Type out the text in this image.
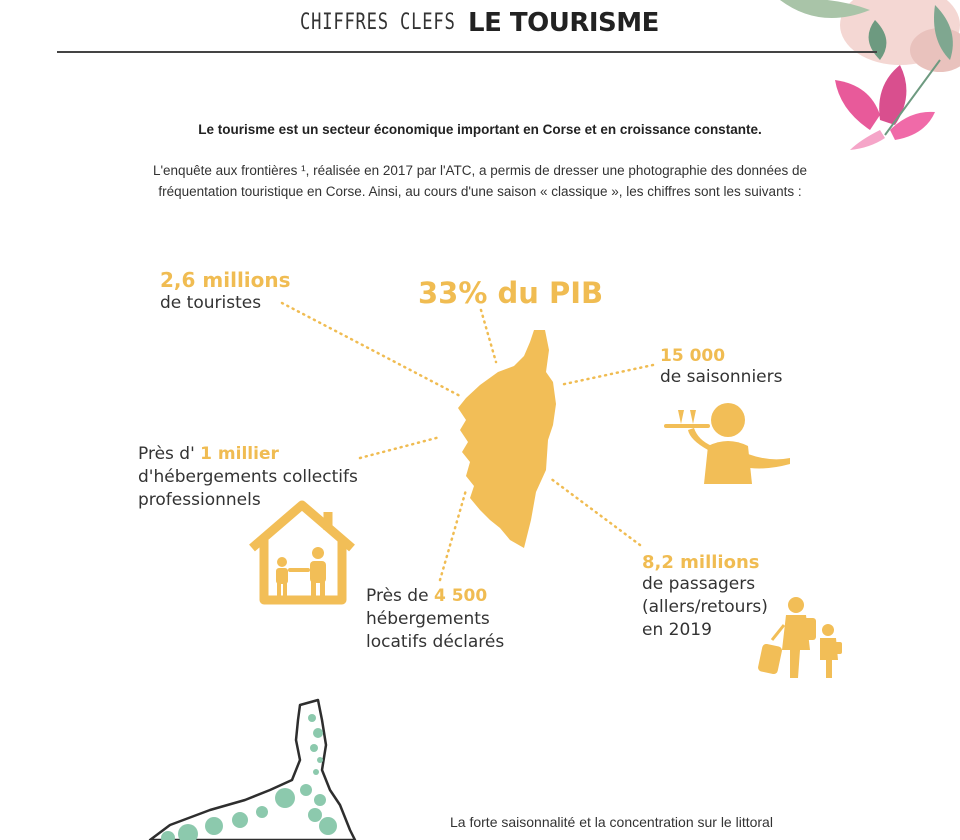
CHIFFRES CLEFS :
LE TOURISME
Le tourisme est un secteur économique important en Corse et en croissance constante.
L'enquête aux frontières ¹, réalisée en 2017 par l'ATC, a permis de dresser une photographie des données de
fréquentation touristique en Corse. Ainsi, au cours d'une saison « classique », les chiffres sont les suivants :
2,6 millions
de touristes	33% du PIB
15 000
de saisonniers
Près d' 1 millier
d'hébergements collectifs
professionnels
Près de 4 500
hébergements
locatifs déclarés
8,2 millions
de passagers
(allers/retours)
en 2019
La forte saisonnalité et la concentration sur le littoral
